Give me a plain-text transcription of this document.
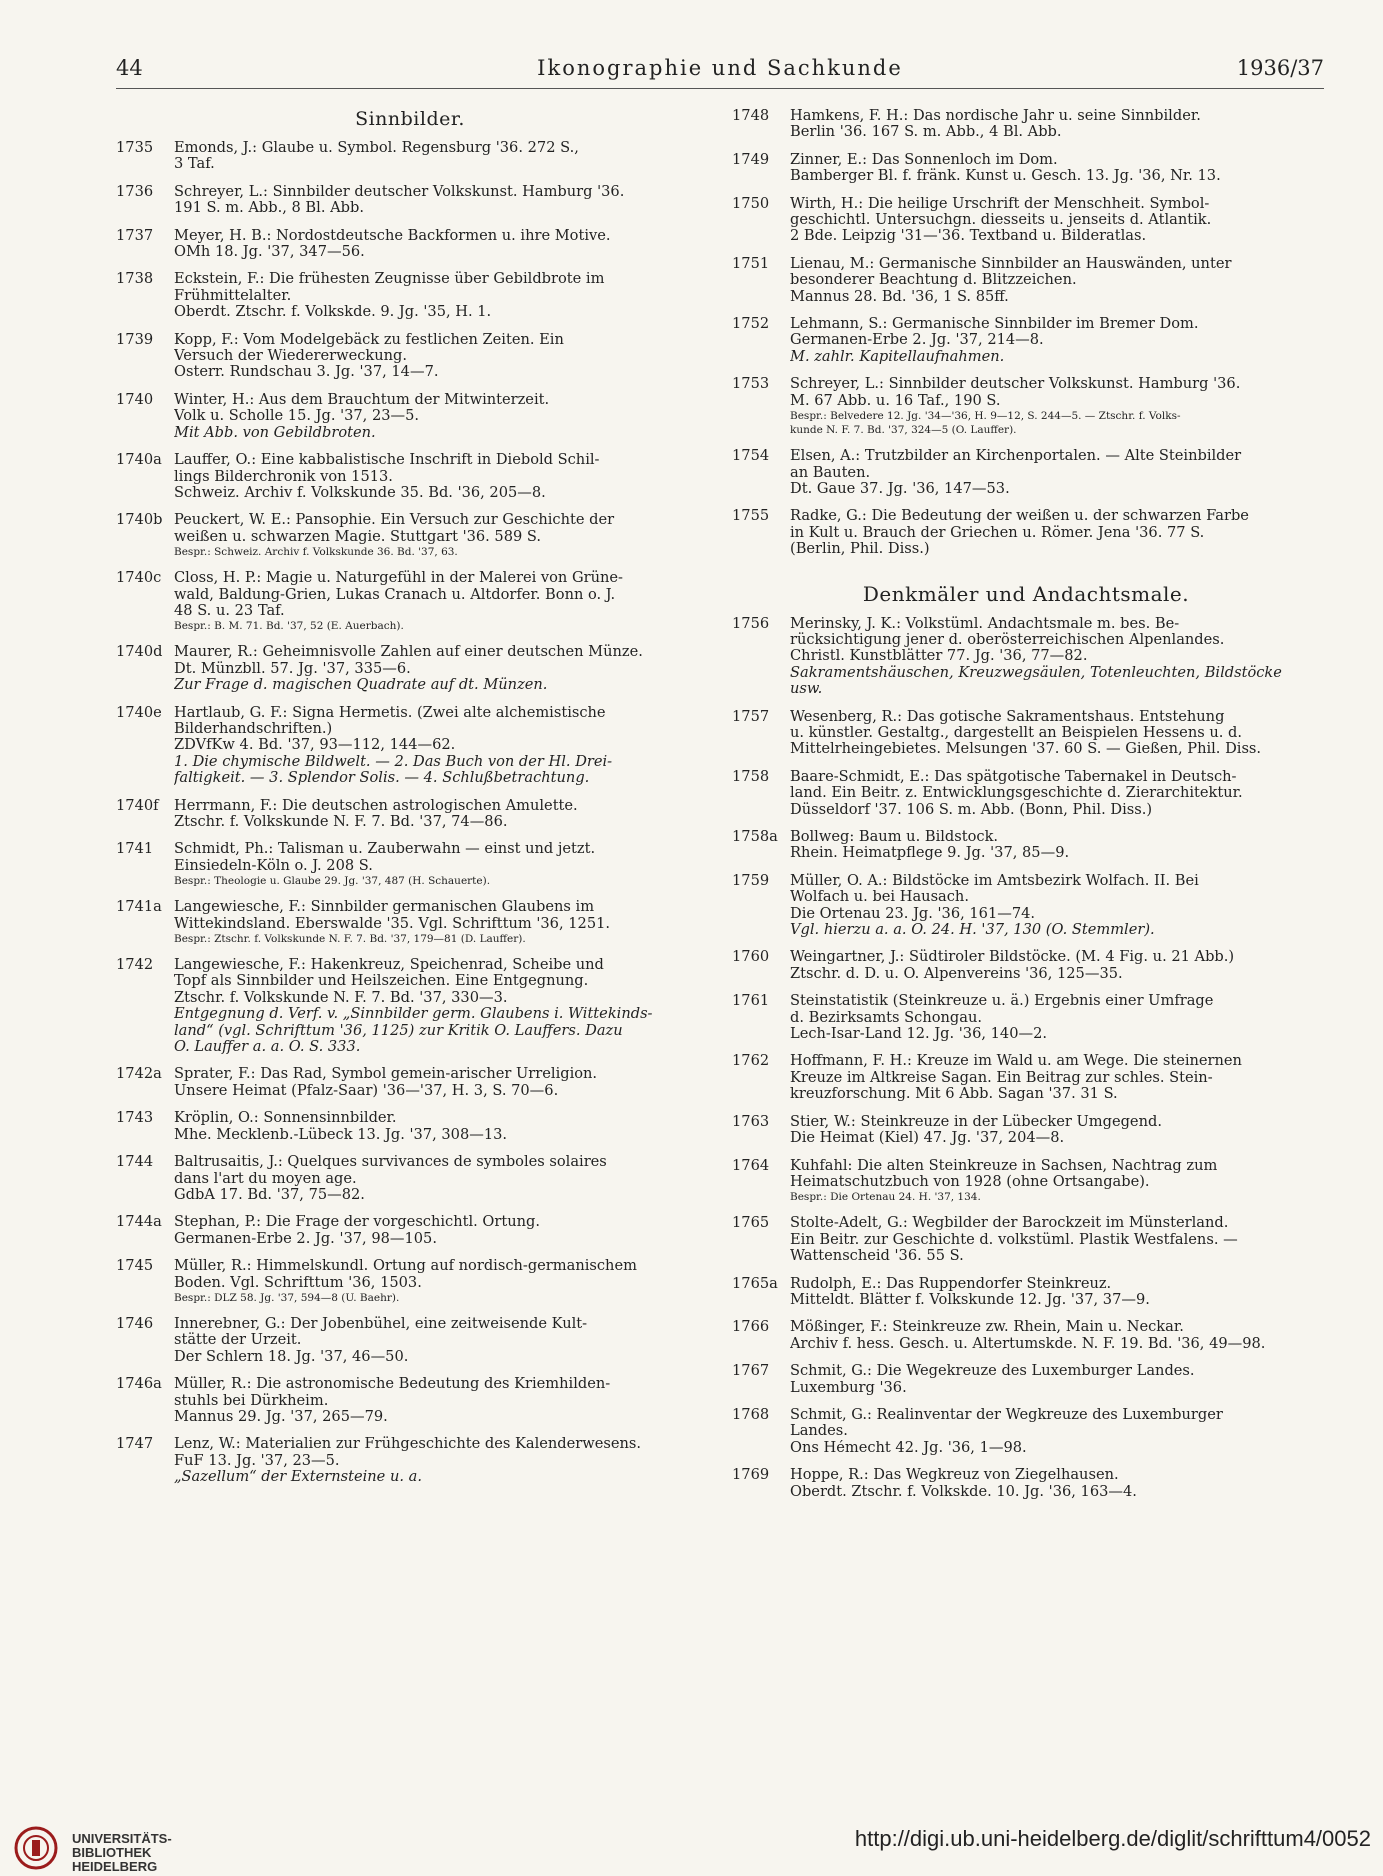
44	Ikonographie und Sachkunde	1936/37
Sinnbilder.
1735 Emonds, J.: Glaube u. Symbol. Regensburg '36. 272 S.,
3 Taf.
1736 Schreyer, L.: Sinnbilder deutscher Volkskunst. Hamburg '36.
191 S. m. Abb., 8 Bl. Abb.
1737 Meyer, H. B.: Nordostdeutsche Backformen u. ihre Motive.
OMh 18. Jg. '37, 347—56.
1738 Eckstein, F.: Die frühesten Zeugnisse über Gebildbrote im
Frühmittelalter.
Oberdt. Ztschr. f. Volkskde. 9. Jg. '35, H. 1.
1739 Kopp, F.: Vom Modelgebäck zu festlichen Zeiten. Ein
Versuch der Wiedererweckung.
Österr. Rundschau 3. Jg. '37, 14—7.
1740 Winter, H.: Aus dem Brauchtum der Mitwinterzeit.
Volk u. Scholle 15. Jg. '37, 23—5.
Mit Abb. von Gebildbroten.
1740a Lauffer, O.: Eine kabbalistische Inschrift in Diebold Schil-
lings Bilderchronik von 1513.
Schweiz. Archiv f. Volkskunde 35. Bd. '36, 205—8.
1740b Peuckert, W. E.: Pansophie. Ein Versuch zur Geschichte der
weißen u. schwarzen Magie. Stuttgart '36. 589 S.
Bespr.: Schweiz. Archiv f. Volkskunde 36. Bd. '37, 63.
1740c Closs, H. P.: Magie u. Naturgefühl in der Malerei von Grüne-
wald, Baldung-Grien, Lukas Cranach u. Altdorfer. Bonn o. J.
48 S. u. 23 Taf.
Bespr.: B. M. 71. Bd. '37, 52 (E. Auerbach).
1740d Maurer, R.: Geheimnisvolle Zahlen auf einer deutschen Münze.
Dt. Münzbll. 57. Jg. '37, 335—6.
Zur Frage d. magischen Quadrate auf dt. Münzen.
1740e Hartlaub, G. F.: Signa Hermetis. (Zwei alte alchemistische
Bilderhandschriften.)
ZDVfKw 4. Bd. '37, 93—112, 144—62.
1. Die chymische Bildwelt. — 2. Das Buch von der Hl. Drei-
faltigkeit. — 3. Splendor Solis. — 4. Schlußbetrachtung.
1740f Herrmann, F.: Die deutschen astrologischen Amulette.
Ztschr. f. Volkskunde N. F. 7. Bd. '37, 74—86.
1741 Schmidt, Ph.: Talisman u. Zauberwahn — einst und jetzt.
Einsiedeln-Köln o. J. 208 S.
Bespr.: Theologie u. Glaube 29. Jg. '37, 487 (H. Schauerte).
1741a Langewiesche, F.: Sinnbilder germanischen Glaubens im
Wittekindsland. Eberswalde '35. Vgl. Schrifttum '36, 1251.
Bespr.: Ztschr. f. Volkskunde N. F. 7. Bd. '37, 179—81 (D. Lauffer).
1742 Langewiesche, F.: Hakenkreuz, Speichenrad, Scheibe und
Topf als Sinnbilder und Heilszeichen. Eine Entgegnung.
Ztschr. f. Volkskunde N. F. 7. Bd. '37, 330—3.
Entgegnung d. Verf. v. „Sinnbilder germ. Glaubens i. Wittekinds-
land“ (vgl. Schrifttum '36, 1125) zur Kritik O. Lauffers. Dazu
O. Lauffer a. a. O. S. 333.
1742a Sprater, F.: Das Rad, Symbol gemein-arischer Urreligion.
Unsere Heimat (Pfalz-Saar) '36—'37, H. 3, S. 70—6.
1743 Kröplin, O.: Sonnensinnbilder.
Mhe. Mecklenb.-Lübeck 13. Jg. '37, 308—13.
1744 Baltrusaitis, J.: Quelques survivances de symboles solaires
dans l'art du moyen age.
GdbA 17. Bd. '37, 75—82.
1744a Stephan, P.: Die Frage der vorgeschichtl. Ortung.
Germanen-Erbe 2. Jg. '37, 98—105.
1745 Müller, R.: Himmelskundl. Ortung auf nordisch-germanischem
Boden. Vgl. Schrifttum '36, 1503.
Bespr.: DLZ 58. Jg. '37, 594—8 (U. Baehr).
1746 Innerebner, G.: Der Jobenbühel, eine zeitweisende Kult-
stätte der Urzeit.
Der Schlern 18. Jg. '37, 46—50.
1746a Müller, R.: Die astronomische Bedeutung des Kriemhilden-
stuhls bei Dürkheim.
Mannus 29. Jg. '37, 265—79.
1747 Lenz, W.: Materialien zur Frühgeschichte des Kalenderwesens.
FuF 13. Jg. '37, 23—5.
„Sazellum“ der Externsteine u. a.
1748 Hamkens, F. H.: Das nordische Jahr u. seine Sinnbilder.
Berlin '36. 167 S. m. Abb., 4 Bl. Abb.
1749 Zinner, E.: Das Sonnenloch im Dom.
Bamberger Bl. f. fränk. Kunst u. Gesch. 13. Jg. '36, Nr. 13.
1750 Wirth, H.: Die heilige Urschrift der Menschheit. Symbol-
geschichtl. Untersuchgn. diesseits u. jenseits d. Atlantik.
2 Bde. Leipzig '31—'36. Textband u. Bilderatlas.
1751 Lienau, M.: Germanische Sinnbilder an Hauswänden, unter
besonderer Beachtung d. Blitzzeichen.
Mannus 28. Bd. '36, 1 S. 85ff.
1752 Lehmann, S.: Germanische Sinnbilder im Bremer Dom.
Germanen-Erbe 2. Jg. '37, 214—8.
M. zahlr. Kapitellaufnahmen.
1753 Schreyer, L.: Sinnbilder deutscher Volkskunst. Hamburg '36.
M. 67 Abb. u. 16 Taf., 190 S.
Bespr.: Belvedere 12. Jg. '34—'36, H. 9—12, S. 244—5. — Ztschr. f. Volks-
kunde N. F. 7. Bd. '37, 324—5 (O. Lauffer).
1754 Elsen, A.: Trutzbilder an Kirchenportalen. — Alte Steinbilder
an Bauten.
Dt. Gaue 37. Jg. '36, 147—53.
1755 Radke, G.: Die Bedeutung der weißen u. der schwarzen Farbe
in Kult u. Brauch der Griechen u. Römer. Jena '36. 77 S.
(Berlin, Phil. Diss.)
Denkmäler und Andachtsmale.
1756 Merinsky, J. K.: Volkstüml. Andachtsmale m. bes. Be-
rücksichtigung jener d. oberösterreichischen Alpenlandes.
Christl. Kunstblätter 77. Jg. '36, 77—82.
Sakramentshäuschen, Kreuzwegsäulen, Totenleuchten, Bildstöcke
usw.
1757 Wesenberg, R.: Das gotische Sakramentshaus. Entstehung
u. künstler. Gestaltg., dargestellt an Beispielen Hessens u. d.
Mittelrheingebietes. Melsungen '37. 60 S. — Gießen, Phil. Diss.
1758 Baare-Schmidt, E.: Das spätgotische Tabernakel in Deutsch-
land. Ein Beitr. z. Entwicklungsgeschichte d. Zierarchitektur.
Düsseldorf '37. 106 S. m. Abb. (Bonn, Phil. Diss.)
1758a Bollweg: Baum u. Bildstock.
Rhein. Heimatpflege 9. Jg. '37, 85—9.
1759 Müller, O. A.: Bildstöcke im Amtsbezirk Wolfach. II. Bei
Wolfach u. bei Hausach.
Die Ortenau 23. Jg. '36, 161—74.
Vgl. hierzu a. a. O. 24. H. '37, 130 (O. Stemmler).
1760 Weingartner, J.: Südtiroler Bildstöcke. (M. 4 Fig. u. 21 Abb.)
Ztschr. d. D. u. Ö. Alpenvereins '36, 125—35.
1761 Steinstatistik (Steinkreuze u. ä.) Ergebnis einer Umfrage
d. Bezirksamts Schongau.
Lech-Isar-Land 12. Jg. '36, 140—2.
1762 Hoffmann, F. H.: Kreuze im Wald u. am Wege. Die steinernen
Kreuze im Altkreise Sagan. Ein Beitrag zur schles. Stein-
kreuzforschung. Mit 6 Abb. Sagan '37. 31 S.
1763 Stier, W.: Steinkreuze in der Lübecker Umgegend.
Die Heimat (Kiel) 47. Jg. '37, 204—8.
1764 Kuhfahl: Die alten Steinkreuze in Sachsen, Nachtrag zum
Heimatschutzbuch von 1928 (ohne Ortsangabe).
Bespr.: Die Ortenau 24. H. '37, 134.
1765 Stolte-Adelt, G.: Wegbilder der Barockzeit im Münsterland.
Ein Beitr. zur Geschichte d. volkstüml. Plastik Westfalens. —
Wattenscheid '36. 55 S.
1765a Rudolph, E.: Das Ruppendorfer Steinkreuz.
Mitteldt. Blätter f. Volkskunde 12. Jg. '37, 37—9.
1766 Mößinger, F.: Steinkreuze zw. Rhein, Main u. Neckar.
Archiv f. hess. Gesch. u. Altertumskde. N. F. 19. Bd. '36, 49—98.
1767 Schmit, G.: Die Wegekreuze des Luxemburger Landes.
Luxemburg '36.
1768 Schmit, G.: Realinventar der Wegkreuze des Luxemburger
Landes.
Ons Hémecht 42. Jg. '36, 1—98.
1769 Hoppe, R.: Das Wegkreuz von Ziegelhausen.
Oberdt. Ztschr. f. Volkskde. 10. Jg. '36, 163—4.
UNIVERSITÄTS-
BIBLIOTHEK
HEIDELBERG
http://digi.ub.uni-heidelberg.de/diglit/schrifttum4/0052
